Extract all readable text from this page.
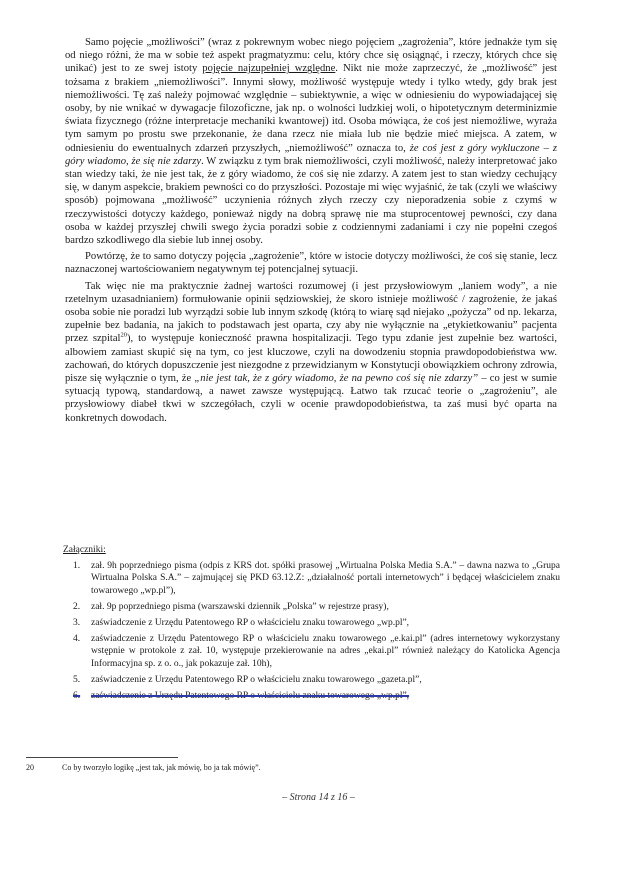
Samo pojęcie „możliwości” (wraz z pokrewnym wobec niego pojęciem „zagrożenia”, które jednakże tym się od niego różni, że ma w sobie też aspekt pragmatyzmu: celu, który chce się osiągnąć, i rzeczy, których chce się unikać) jest to ze swej istoty pojęcie najzupełniej względne. Nikt nie może zaprzeczyć, że „możliwość” jest tożsama z brakiem „niemożliwości”. Innymi słowy, możliwość występuje wtedy i tylko wtedy, gdy brak jest niemożliwości. Tę zaś należy pojmować względnie – subiektywnie, a więc w odniesieniu do wypowiadającej się osoby, by nie wnikać w dywagacje filozoficzne, jak np. o wolności ludzkiej woli, o hipotetycznym determinizmie świata fizycznego (różne interpretacje mechaniki kwantowej) itd. Osoba mówiąca, że coś jest niemożliwe, wyraża tym samym po prostu swe przekonanie, że dana rzecz nie miała lub nie będzie mieć miejsca. A zatem, w odniesieniu do ewentualnych zdarzeń przyszłych, „niemożliwość” oznacza to, że coś jest z góry wykluczone – z góry wiadomo, że się nie zdarzy. W związku z tym brak niemożliwości, czyli możliwość, należy interpretować jako stan wiedzy taki, że nie jest tak, że z góry wiadomo, że coś się nie zdarzy. A zatem jest to stan wiedzy cechujący się, w danym aspekcie, brakiem pewności co do przyszłości. Pozostaje mi więc wyjaśnić, że tak (czyli we właściwy sposób) pojmowana „możliwość” uczynienia różnych złych rzeczy czy nieporadzenia sobie z czymś w rzeczywistości dotyczy każdego, ponieważ nigdy na dobrą sprawę nie ma stuprocentowej pewności, czy dana osoba w każdej przyszłej chwili swego życia poradzi sobie z codziennymi zadaniami i czy nie popełni czegoś bardzo szkodliwego dla siebie lub innej osoby.

Powtórzę, że to samo dotyczy pojęcia „zagrożenie”, które w istocie dotyczy możliwości, że coś się stanie, lecz naznaczonej wartościowaniem negatywnym tej potencjalnej sytuacji.

Tak więc nie ma praktycznie żadnej wartości rozumowej (i jest przysłowiowym „laniem wody”, a nie rzetelnym uzasadnianiem) formułowanie opinii sędziowskiej, że skoro istnieje możliwość / zagrożenie, że jakaś osoba sobie nie poradzi lub wyrządzi sobie lub innym szkodę (którą to wiarę sąd niejako „pożycza” od np. lekarza, zupełnie bez badania, na jakich to podstawach jest oparta, czy aby nie wyłącznie na „etykietkowaniu” pacjenta przez szpital$^{20}$), to występuje konieczność prawna hospitalizacji. Tego typu zdanie jest zupełnie bez wartości, albowiem zamiast skupić się na tym, co jest kluczowe, czyli na dowodzeniu stopnia prawdopodobieństwa ww. zachowań, do których dopuszczenie jest niezgodne z przewidzianym w Konstytucji obowiązkiem ochrony zdrowia, pisze się wyłącznie o tym, że „nie jest tak, że z góry wiadomo, że na pewno coś się nie zdarzy” – co jest w sumie sytuacją typową, standardową, a nawet zawsze występującą. Łatwo tak rzucać teorie o „zagrożeniu”, ale przysłowiowy diabeł tkwi w szczegółach, czyli w ocenie prawdopodobieństwa, ta zaś musi być oparta na konkretnych dowodach.

Załączniki:
1. zał. 9h poprzedniego pisma (odpis z KRS dot. spółki prasowej „Wirtualna Polska Media S.A.” – dawna nazwa to „Grupa Wirtualna Polska S.A.” – zajmującej się PKD 63.12.Z: „działalność portali internetowych” i będącej właścicielem znaku towarowego „wp.pl”),
2. zał. 9p poprzedniego pisma (warszawski dziennik „Polska” w rejestrze prasy),
3. zaświadczenie z Urzędu Patentowego RP o właścicielu znaku towarowego „wp.pl”,
4. zaświadczenie z Urzędu Patentowego RP o właścicielu znaku towarowego „e.kai.pl” (adres internetowy wykorzystany wstępnie w protokole z zał. 10, występuje przekierowanie na adres „ekai.pl” również należący do Katolicka Agencja Informacyjna sp. z o. o., jak pokazuje zał. 10h),
5. zaświadczenie z Urzędu Patentowego RP o właścicielu znaku towarowego „gazeta.pl”,
6. zaświadczenie z Urzędu Patentowego RP o właścicielu znaku towarowego „wp.pl”,
20	Co by tworzyło logikę „jest tak, jak mówię, bo ja tak mówię”.
– Strona 14 z 16 –
